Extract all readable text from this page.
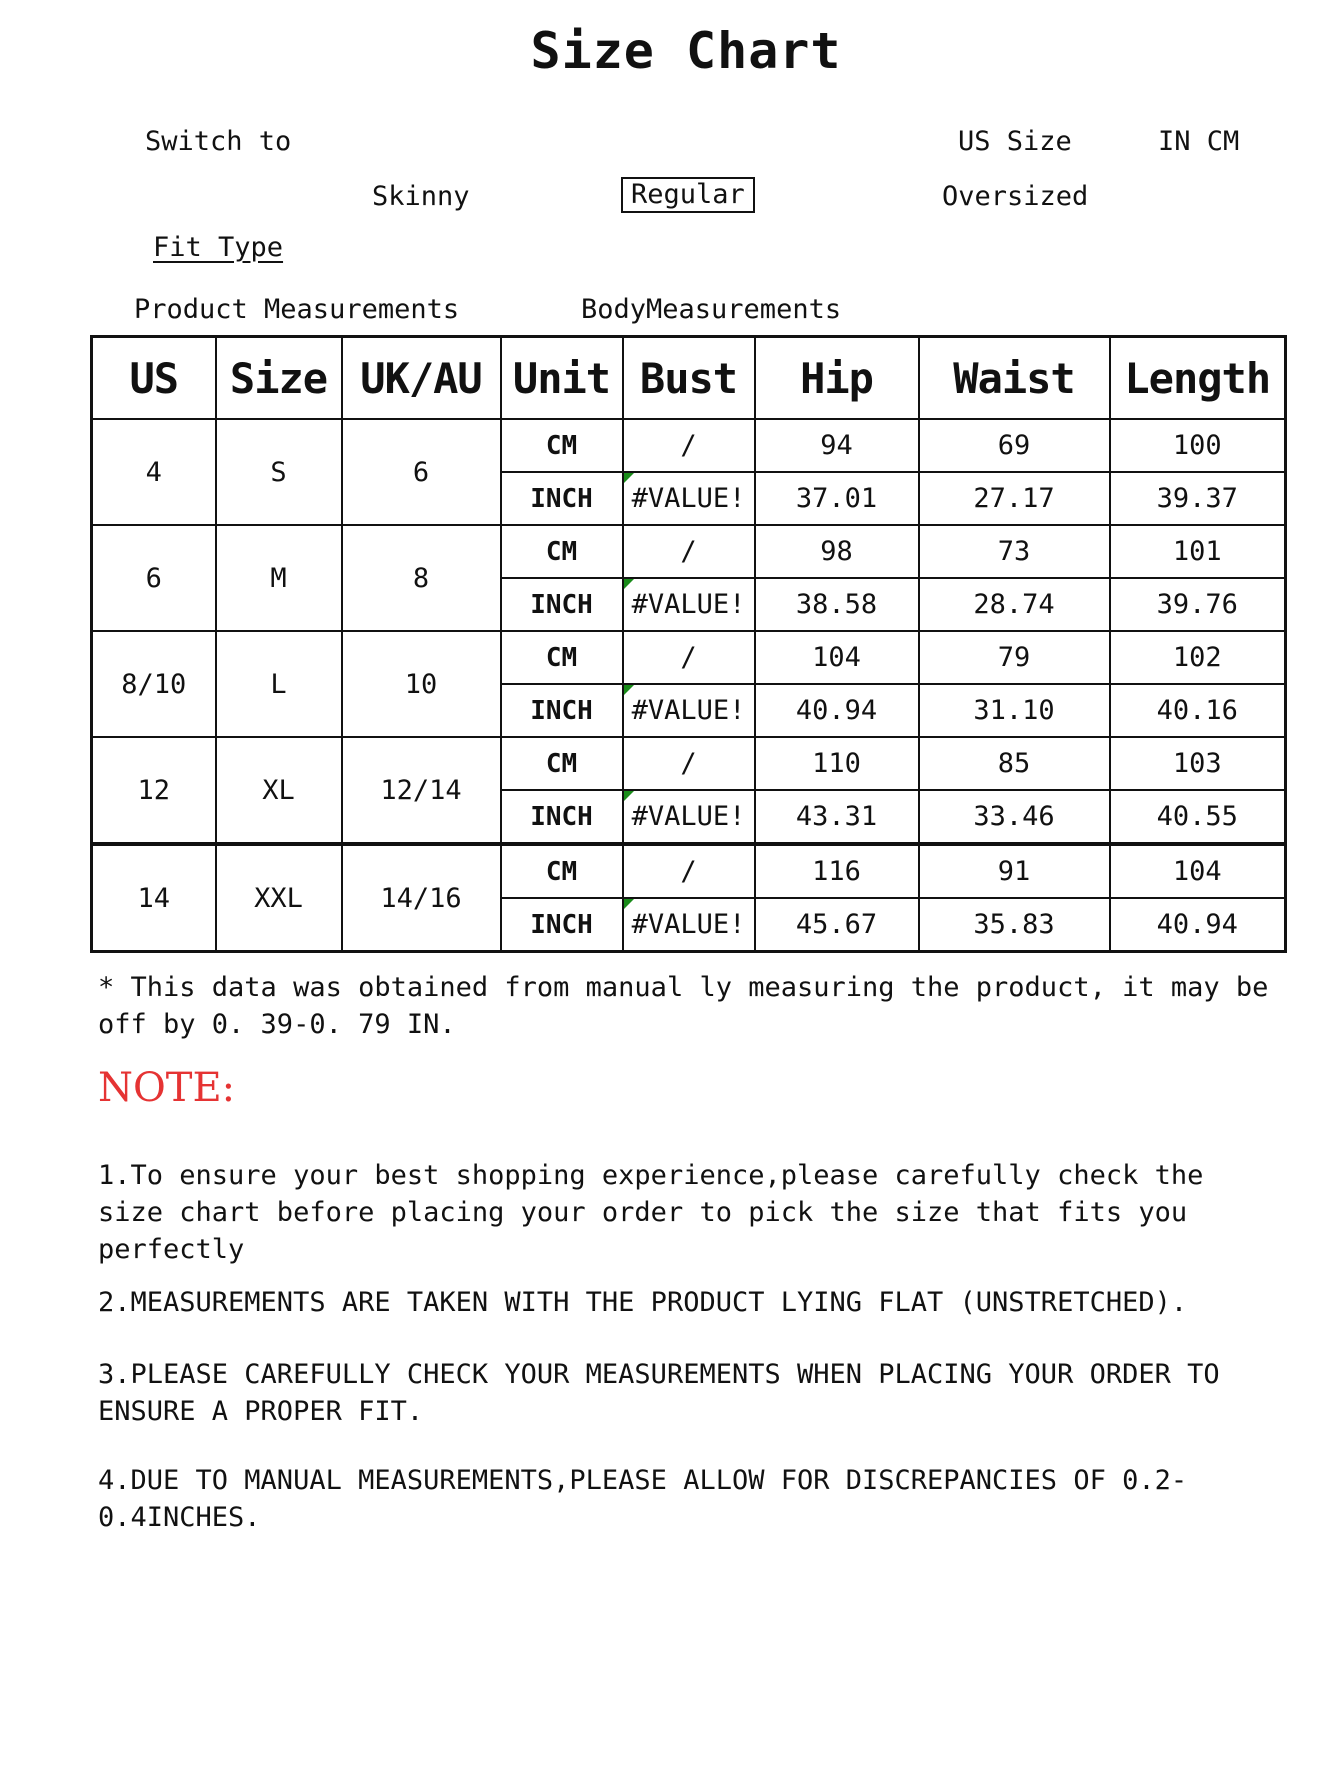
Size Chart
Switch to	US Size	IN CM
Skinny	Regular	Oversized
Fit Type
Product Measurements	BodyMeasurements
US	Size	UK/AU	Unit	Bust	Hip	Waist	Length
4	S	6	CM	/	94	69	100
			INCH	#VALUE!	37.01	27.17	39.37
6	M	8	CM	/	98	73	101
			INCH	#VALUE!	38.58	28.74	39.76
8/10	L	10	CM	/	104	79	102
			INCH	#VALUE!	40.94	31.10	40.16
12	XL	12/14	CM	/	110	85	103
			INCH	#VALUE!	43.31	33.46	40.55
14	XXL	14/16	CM	/	116	91	104
			INCH	#VALUE!	45.67	35.83	40.94
* This data was obtained from manual ly measuring the product, it may be off by 0. 39-0. 79 IN.
NOTE:
1.To ensure your best shopping experience,please carefully check the size chart before placing your order to pick the size that fits you perfectly
2.MEASUREMENTS ARE TAKEN WITH THE PRODUCT LYING FLAT (UNSTRETCHED).
3.PLEASE CAREFULLY CHECK YOUR MEASUREMENTS WHEN PLACING YOUR ORDER TO ENSURE A PROPER FIT.
4.DUE TO MANUAL MEASUREMENTS,PLEASE ALLOW FOR DISCREPANCIES OF 0.2-0.4INCHES.
